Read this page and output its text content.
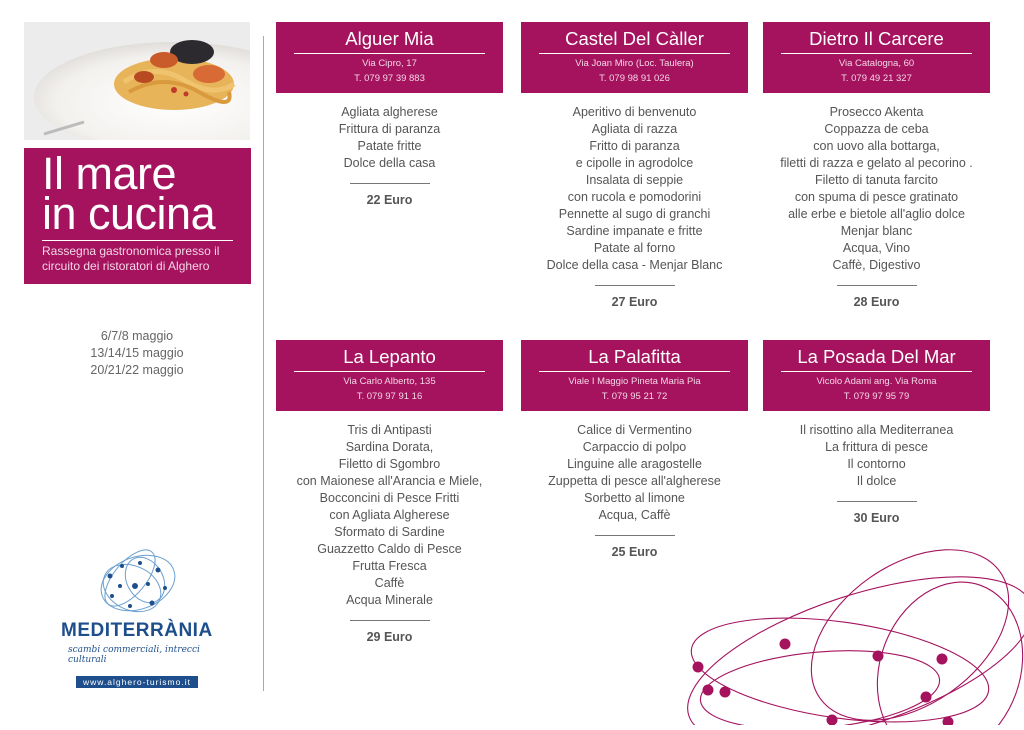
Il mare
in cucina
Rassegna gastronomica presso il circuito dei ristoratori di Alghero
6/7/8 maggio
13/14/15 maggio
20/21/22 maggio
MEDITERRÀNIA
scambi commerciali, intrecci culturali
www.alghero-turismo.it
Alguer Mia
Via Cipro, 17
T. 079 97 39 883
Agliata algherese
Frittura di paranza
Patate fritte
Dolce della casa
22 Euro
Castel Del Càller
Via Joan Miro (Loc. Taulera)
T. 079 98 91 026
Aperitivo di benvenuto
Agliata di razza
Fritto di paranza
e cipolle in agrodolce
Insalata di seppie
con rucola e pomodorini
Pennette al sugo di granchi
Sardine impanate e fritte
Patate al forno
Dolce della casa - Menjar Blanc
27 Euro
Dietro Il Carcere
Via Catalogna, 60
T. 079 49 21 327
Prosecco Akenta
Coppazza de ceba
con uovo alla bottarga,
filetti di razza e gelato al pecorino .
Filetto di tanuta farcito
con spuma di pesce gratinato
alle erbe e bietole all'aglio dolce
Menjar blanc
Acqua, Vino
Caffè, Digestivo
28 Euro
La Lepanto
Via Carlo Alberto, 135
T. 079 97 91 16
Tris di Antipasti
Sardina Dorata,
Filetto di Sgombro
con Maionese all'Arancia e Miele,
Bocconcini di Pesce Fritti
con Agliata Algherese
Sformato di Sardine
Guazzetto Caldo di Pesce
Frutta Fresca
Caffè
Acqua Minerale
29 Euro
La Palafitta
Viale I Maggio Pineta Maria Pia
T. 079 95 21 72
Calice di Vermentino
Carpaccio di polpo
Linguine alle aragostelle
Zuppetta di pesce all'algherese
Sorbetto al limone
Acqua, Caffè
25 Euro
La Posada Del Mar
Vicolo Adami ang. Via Roma
T. 079 97 95 79
Il risottino alla Mediterranea
La frittura di pesce
Il contorno
Il dolce
30 Euro
